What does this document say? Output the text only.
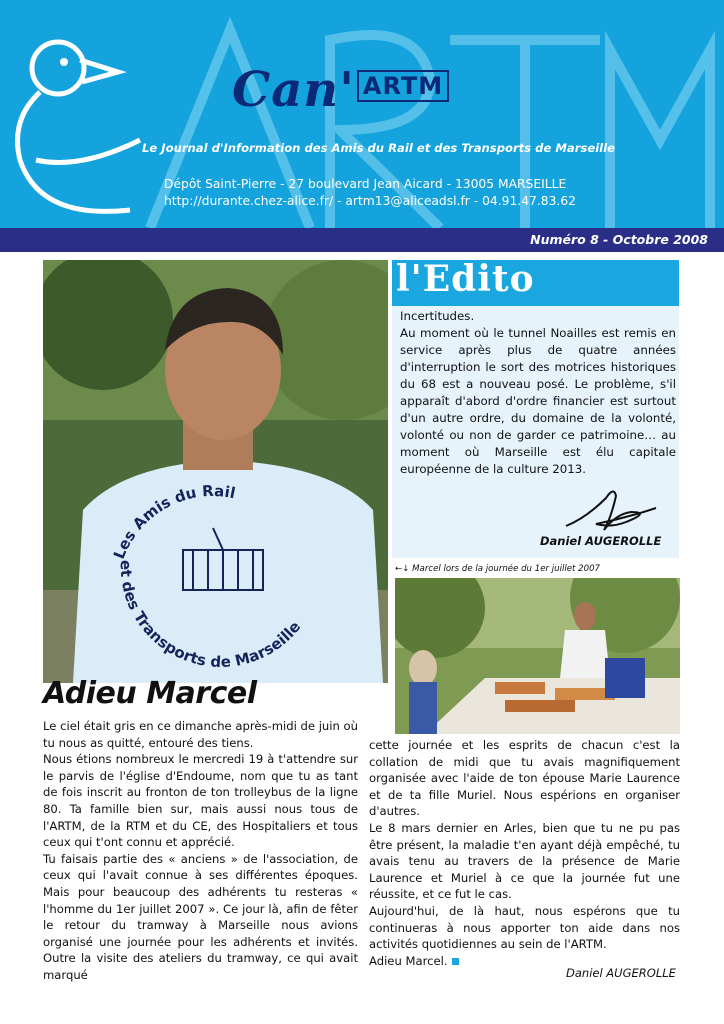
Can' ARTM
Le Journal d'Information des Amis du Rail et des Transports de Marseille
Dépôt Saint-Pierre - 27 boulevard Jean Aicard - 13005 MARSEILLE
http://durante.chez-alice.fr/ - artm13@aliceadsl.fr - 04.91.47.83.62
Numéro 8 - Octobre 2008
Les Amis du Rail
et des Transports de Marseille
l'Edito

Incertitudes.

Au moment où le tunnel Noailles est remis en service après plus de quatre années d'interruption le sort des motrices historiques du 68 est a nouveau posé. Le problème, s'il apparaît d'abord d'ordre financier est surtout d'un autre ordre, du domaine de la volonté, volonté ou non de garder ce patrimoine… au moment où Marseille est élu capitale européenne de la culture 2013.

Daniel AUGEROLLE
←↓ Marcel lors de la journée du 1er juillet 2007
Adieu Marcel

Le ciel était gris en ce dimanche après-midi de juin où tu nous as quitté, entouré des tiens.

Nous étions nombreux le mercredi 19 à t'attendre sur le parvis de l'église d'Endoume, nom que tu as tant de fois inscrit au fronton de ton trolleybus de la ligne 80. Ta famille bien sur, mais aussi nous tous de l'ARTM, de la RTM et du CE, des Hospitaliers et tous ceux qui t'ont connu et apprécié.

Tu faisais partie des « anciens » de l'association, de ceux qui l'avait connue à ses différentes époques. Mais pour beaucoup des adhérents tu resteras « l'homme du 1er juillet 2007 ». Ce jour là, afin de fêter le retour du tramway à Marseille nous avions organisé une journée pour les adhérents et invités. Outre la visite des ateliers du tramway, ce qui avait marqué

cette journée et les esprits de chacun c'est la collation de midi que tu avais magnifiquement organisée avec l'aide de ton épouse Marie Laurence et de ta fille Muriel. Nous espérions en organiser d'autres.

Le 8 mars dernier en Arles, bien que tu ne pu pas être présent, la maladie t'en ayant déjà empêché, tu avais tenu au travers de la présence de Marie Laurence et Muriel à ce que la journée fut une réussite, et ce fut le cas.

Aujourd'hui, de là haut, nous espérons que tu continueras à nous apporter ton aide dans nos activités quotidiennes au sein de l'ARTM.

Adieu Marcel.

Daniel AUGEROLLE
